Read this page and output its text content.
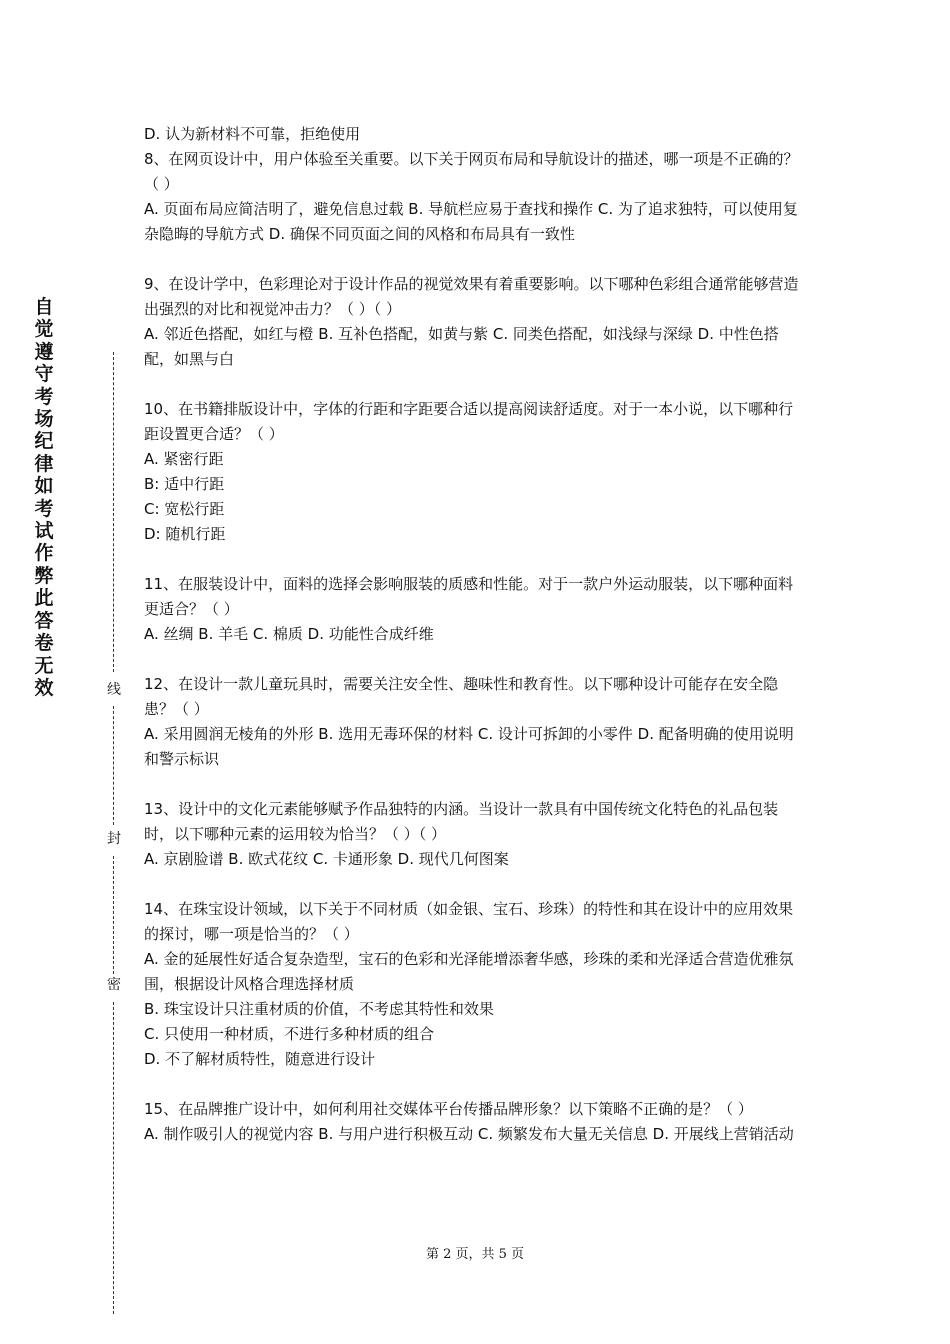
自
觉
遵
守
考
场
纪
律
如
考
试
作
弊
此
答
卷
无
效	线
封
密

D. 认为新材料不可靠，拒绝使用

8、在网页设计中，用户体验至关重要。以下关于网页布局和导航设计的描述，哪一项是不正确的？（ ）

A. 页面布局应简洁明了，避免信息过载 B. 导航栏应易于查找和操作 C. 为了追求独特，可以使用复杂隐晦的导航方式 D. 确保不同页面之间的风格和布局具有一致性

9、在设计学中，色彩理论对于设计作品的视觉效果有着重要影响。以下哪种色彩组合通常能够营造出强烈的对比和视觉冲击力？（ ）（ ）

A. 邻近色搭配，如红与橙 B. 互补色搭配，如黄与紫 C. 同类色搭配，如浅绿与深绿 D. 中性色搭配，如黑与白

10、在书籍排版设计中，字体的行距和字距要合适以提高阅读舒适度。对于一本小说，以下哪种行距设置更合适？（ ）

A. 紧密行距

B: 适中行距

C: 宽松行距

D: 随机行距

11、在服装设计中，面料的选择会影响服装的质感和性能。对于一款户外运动服装，以下哪种面料更适合？（ ）

A. 丝绸 B. 羊毛 C. 棉质 D. 功能性合成纤维

12、在设计一款儿童玩具时，需要关注安全性、趣味性和教育性。以下哪种设计可能存在安全隐患？（ ）

A. 采用圆润无棱角的外形 B. 选用无毒环保的材料 C. 设计可拆卸的小零件 D. 配备明确的使用说明和警示标识

13、设计中的文化元素能够赋予作品独特的内涵。当设计一款具有中国传统文化特色的礼品包装时，以下哪种元素的运用较为恰当？（ ）（ ）

A. 京剧脸谱 B. 欧式花纹 C. 卡通形象 D. 现代几何图案

14、在珠宝设计领域，以下关于不同材质（如金银、宝石、珍珠）的特性和其在设计中的应用效果的探讨，哪一项是恰当的？（ ）

A. 金的延展性好适合复杂造型，宝石的色彩和光泽能增添奢华感，珍珠的柔和光泽适合营造优雅氛围，根据设计风格合理选择材质

B. 珠宝设计只注重材质的价值，不考虑其特性和效果

C. 只使用一种材质，不进行多种材质的组合

D. 不了解材质特性，随意进行设计

15、在品牌推广设计中，如何利用社交媒体平台传播品牌形象？以下策略不正确的是？（ ）

A. 制作吸引人的视觉内容 B. 与用户进行积极互动 C. 频繁发布大量无关信息 D. 开展线上营销活动

第 2 页，共 5 页
